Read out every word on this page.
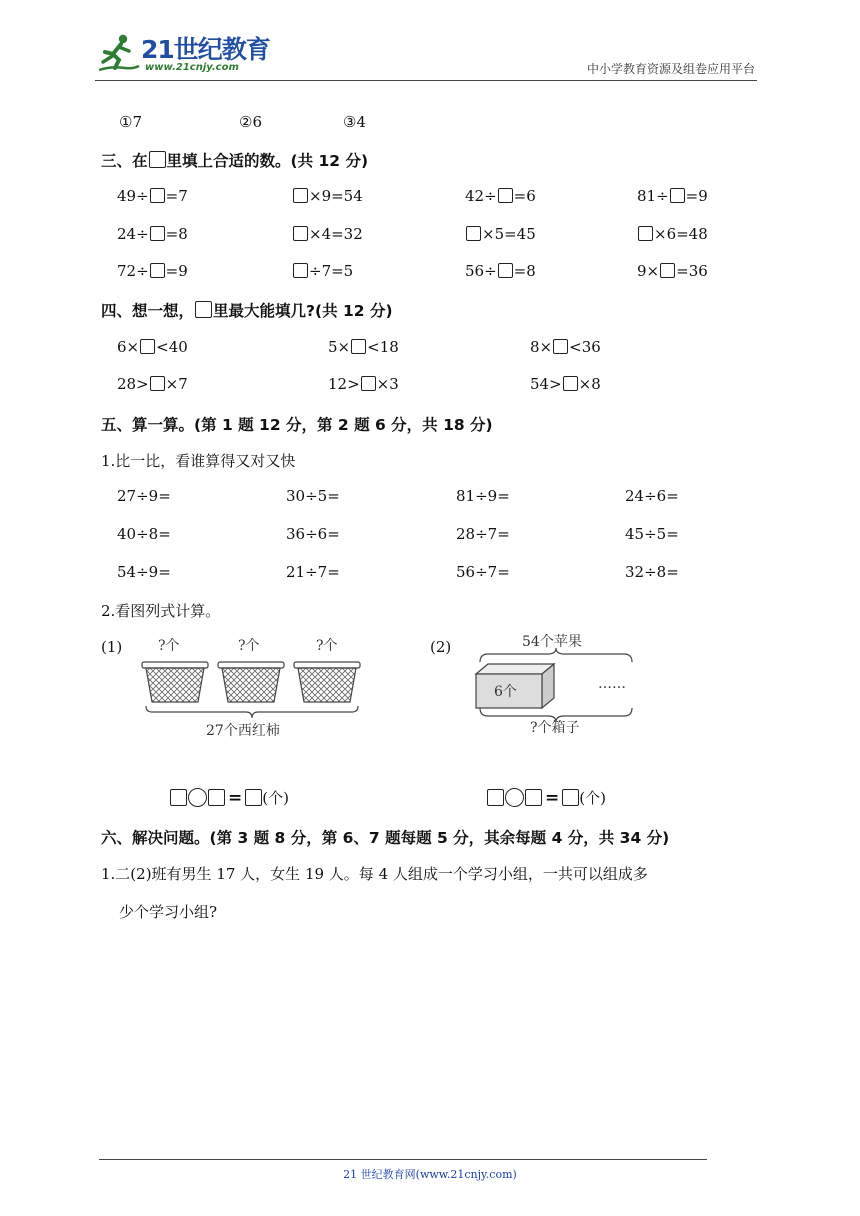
21世纪教育
www.21cnjy.com	中小学教育资源及组卷应用平台
①7	②6	③4
三、在 里填上合适的数。(共 12 分)
49÷ =7	×9=54	42÷ =6	81÷ =9
24÷ =8	×4=32	×5=45	×6=48
72÷ =9	÷7=5	56÷ =8	9× =36
四、想一想， 里最大能填几?(共 12 分)
6× <40	5× <18	8× <36
28> ×7	12> ×3	54> ×8
五、算一算。(第 1 题 12 分，第 2 题 6 分，共 18 分)
1.比一比，看谁算得又对又快
27÷9=	30÷5=	81÷9=	24÷6=
40÷8=	36÷6=	28÷7=	45÷5=
54÷9=	21÷7=	56÷7=	32÷8=
2.看图列式计算。
(1)	?个	?个	?个
27个西红柿
(2)	54个苹果
6个	……
?个箱子
= (个)	= (个)
六、解决问题。(第 3 题 8 分，第 6、7 题每题 5 分，其余每题 4 分，共 34 分)
1.二(2)班有男生 17 人，女生 19 人。每 4 人组成一个学习小组，一共可以组成多
少个学习小组?
21 世纪教育网(www.21cnjy.com)
